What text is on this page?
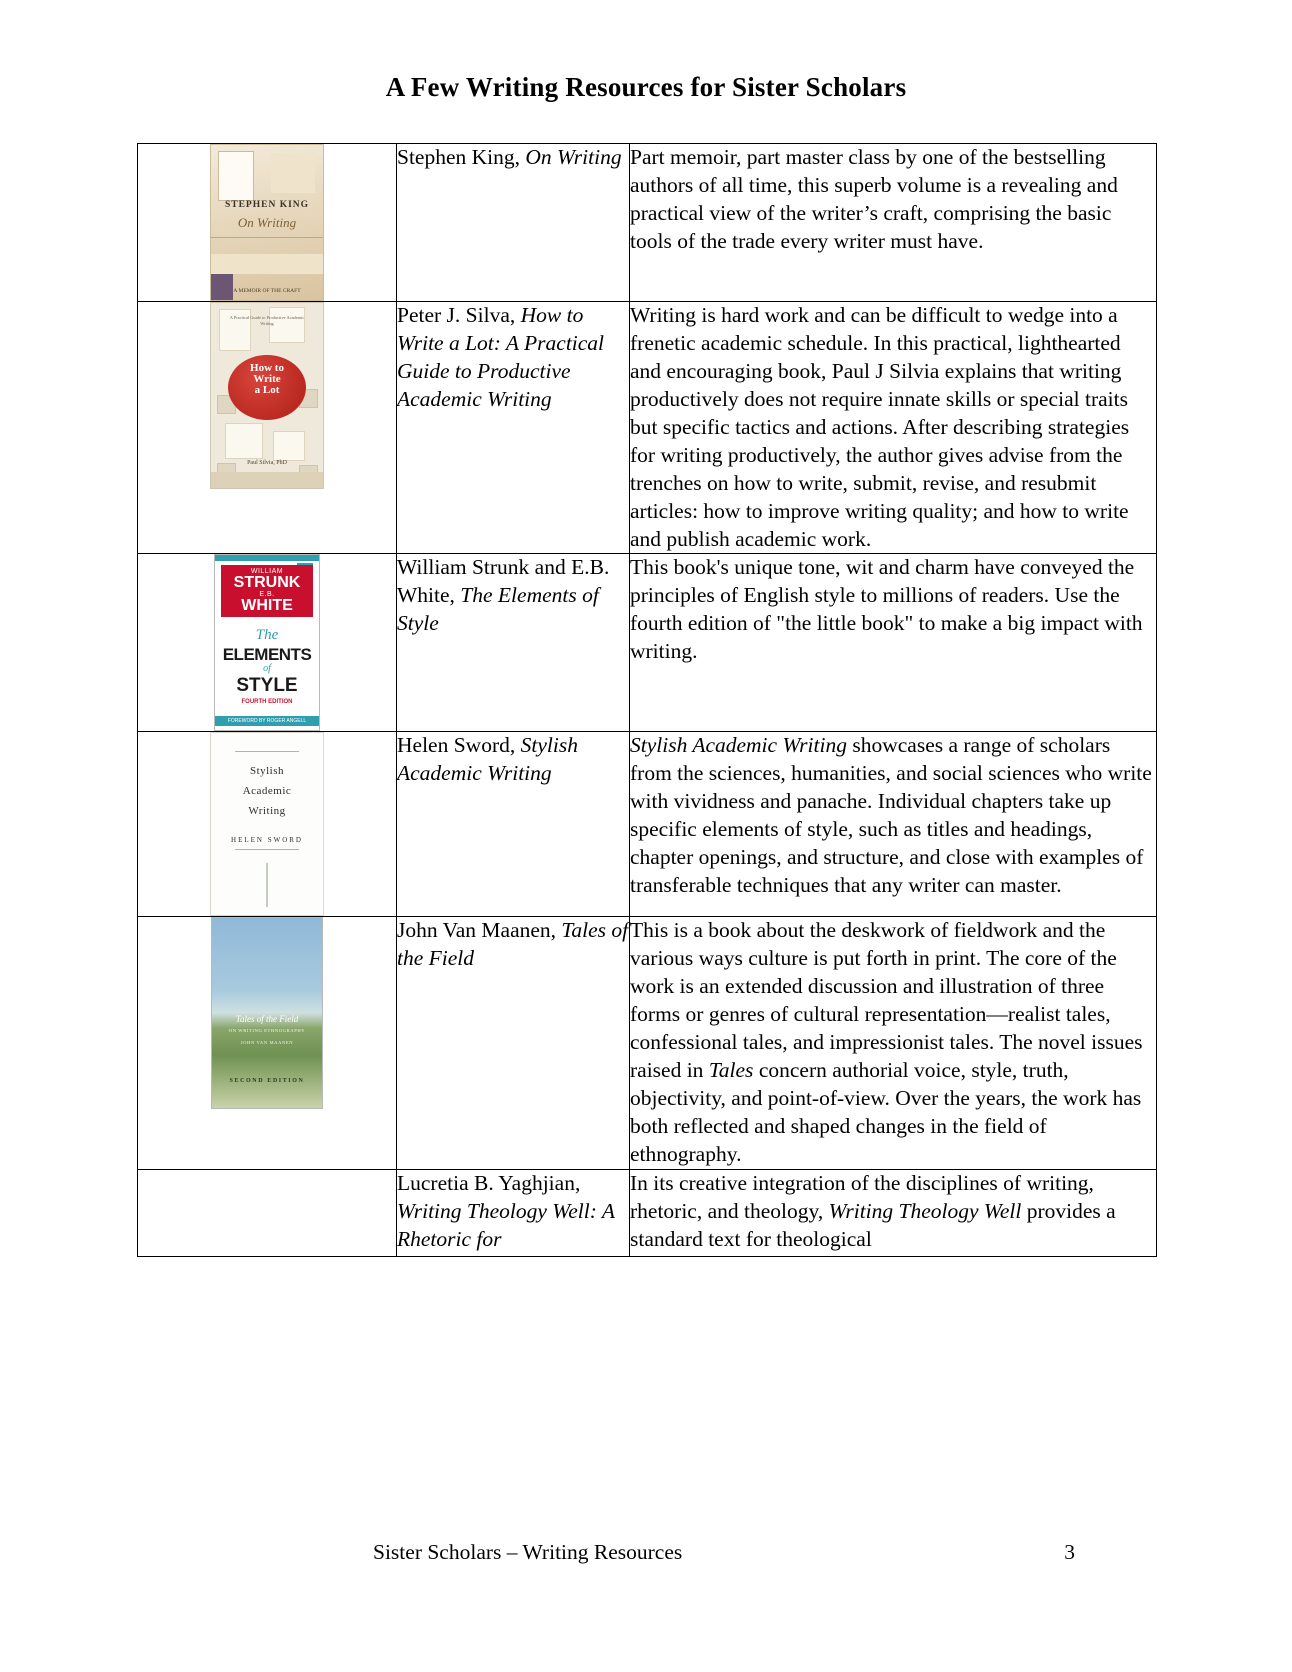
A Few Writing Resources for Sister Scholars
STEPHEN KING
On Writing
A MEMOIR OF THE CRAFT
	Stephen King, On Writing	Part memoir, part master class by one of the bestselling authors of all time, this superb volume is a revealing and practical view of the writer’s craft, comprising the basic tools of the trade every writer must have.

A Practical Guide to Productive Academic Writing
How to
Write
a Lot
Paul Silvia, PhD
	Peter J. Silva, How to Write a Lot: A Practical Guide to Productive Academic Writing	Writing is hard work and can be difficult to wedge into a frenetic academic schedule. In this practical, lighthearted and encouraging book, Paul J Silvia explains that writing productively does not require innate skills or special traits but specific tactics and actions. After describing strategies for writing productively, the author gives advise from the trenches on how to write, submit, revise, and resubmit articles: how to improve writing quality; and how to write and publish academic work.

WILLIAM
STRUNK
E.B.
WHITE
The
ELEMENTS
of
STYLE
FOURTH EDITION
FOREWORD BY ROGER ANGELL
	William Strunk and E.B. White, The Elements of Style	This book's unique tone, wit and charm have conveyed the principles of English style to millions of readers. Use the fourth edition of "the little book" to make a big impact with writing.

Stylish
Academic
Writing
HELEN SWORD
	Helen Sword, Stylish Academic Writing	Stylish Academic Writing showcases a range of scholars from the sciences, humanities, and social sciences who write with vividness and panache. Individual chapters take up specific elements of style, such as titles and headings, chapter openings, and structure, and close with examples of transferable techniques that any writer can master.

Tales of the Field
ON WRITING ETHNOGRAPHY
JOHN VAN MAANEN
SECOND EDITION
	John Van Maanen, Tales of the Field	This is a book about the deskwork of fieldwork and the various ways culture is put forth in print. The core of the work is an extended discussion and illustration of three forms or genres of cultural representation—realist tales, confessional tales, and impressionist tales. The novel issues raised in Tales concern authorial voice, style, truth, objectivity, and point-of-view. Over the years, the work has both reflected and shaped changes in the field of ethnography.
	Lucretia B. Yaghjian, Writing Theology Well: A Rhetoric for	In its creative integration of the disciplines of writing, rhetoric, and theology, Writing Theology Well provides a standard text for theological
Sister Scholars – Writing Resources	3
